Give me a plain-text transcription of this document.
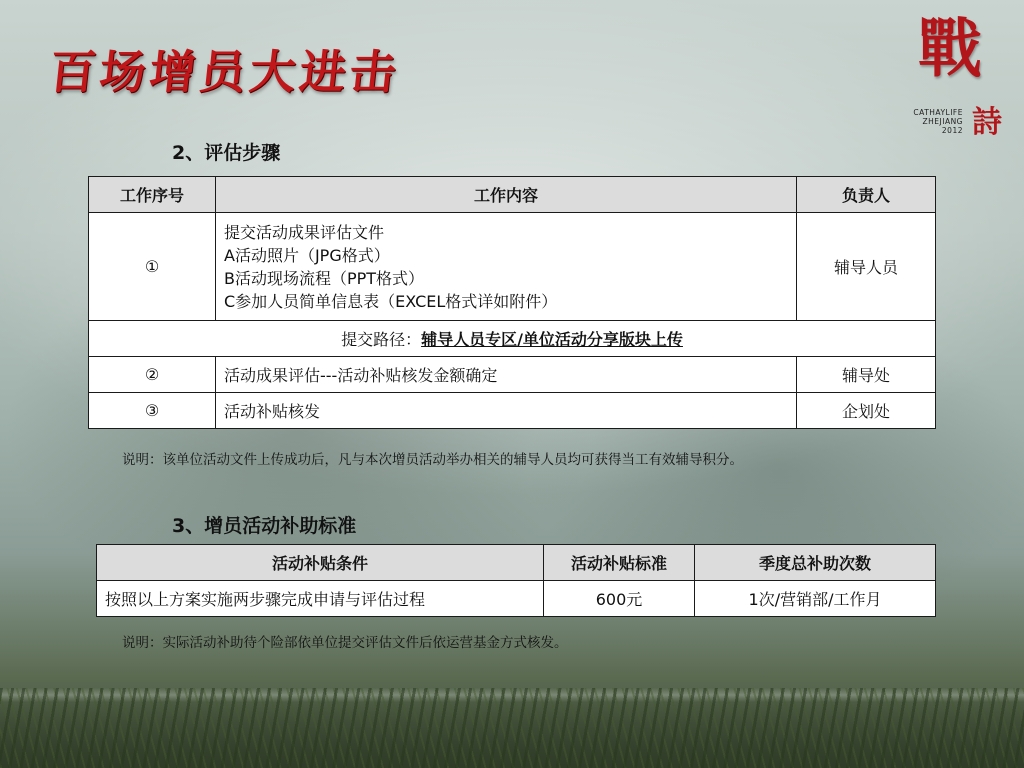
百场增员大进击	戰
CATHAYLIFE
ZHEJIANG
2012 詩
2、评估步骤
工作序号	工作内容	负责人
①	提交活动成果评估文件
A活动照片（JPG格式）
B活动现场流程（PPT格式）
C参加人员简单信息表（EXCEL格式详如附件）	辅导人员
提交路径：辅导人员专区/单位活动分享版块上传		
②	活动成果评估---活动补贴核发金额确定	辅导处
③	活动补贴核发	企划处
说明：该单位活动文件上传成功后，凡与本次增员活动举办相关的辅导人员均可获得当工有效辅导积分。
3、增员活动补助标准
活动补贴条件	活动补贴标准	季度总补助次数
按照以上方案实施两步骤完成申请与评估过程	600元	1次/营销部/工作月
说明：实际活动补助待个险部依单位提交评估文件后依运营基金方式核发。
